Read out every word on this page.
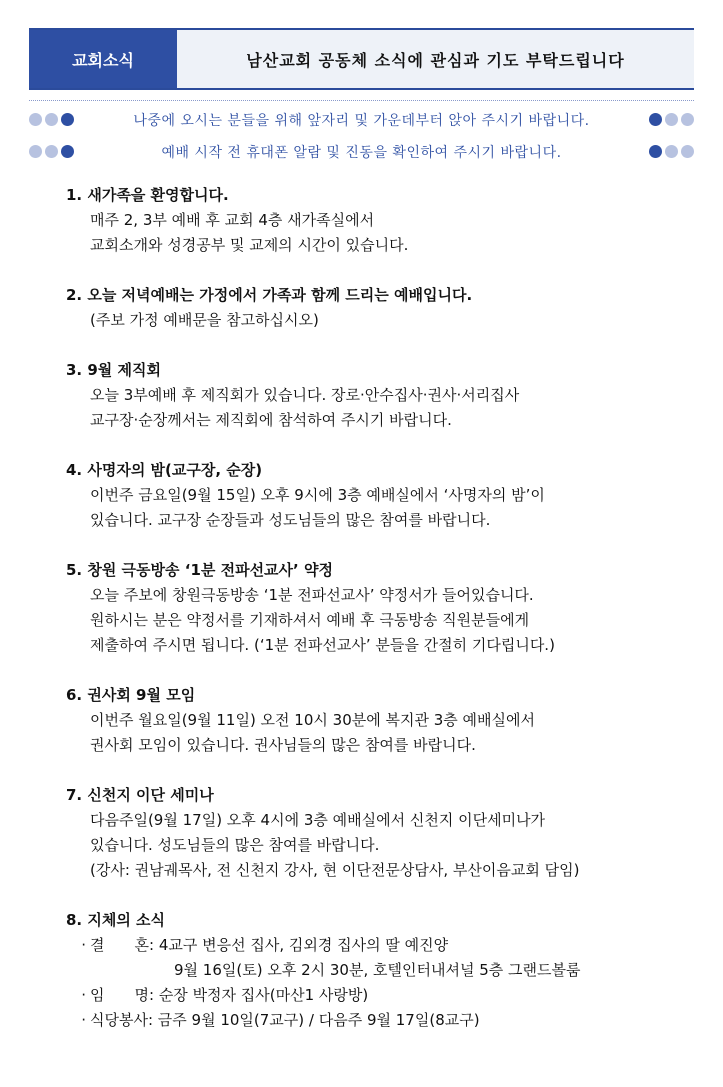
교회소식	남산교회 공동체 소식에 관심과 기도 부탁드립니다
나중에 오시는 분들을 위해 앞자리 및 가운데부터 앉아 주시기 바랍니다.
예배 시작 전 휴대폰 알람 및 진동을 확인하여 주시기 바랍니다.
1. 새가족을 환영합니다.
매주 2, 3부 예배 후 교회 4층 새가족실에서
교회소개와 성경공부 및 교제의 시간이 있습니다.
2. 오늘 저녁예배는 가정에서 가족과 함께 드리는 예배입니다.
(주보 가정 예배문을 참고하십시오)
3. 9월 제직회
오늘 3부예배 후 제직회가 있습니다. 장로·안수집사·권사·서리집사
교구장·순장께서는 제직회에 참석하여 주시기 바랍니다.
4. 사명자의 밤(교구장, 순장)
이번주 금요일(9월 15일) 오후 9시에 3층 예배실에서 ‘사명자의 밤’이
있습니다. 교구장 순장들과 성도님들의 많은 참여를 바랍니다.
5. 창원 극동방송 ‘1분 전파선교사’ 약정
오늘 주보에 창원극동방송 ‘1분 전파선교사’ 약정서가 들어있습니다.
원하시는 분은 약정서를 기재하셔서 예배 후 극동방송 직원분들에게
제출하여 주시면 됩니다. (‘1분 전파선교사’ 분들을 간절히 기다립니다.)
6. 권사회 9월 모임
이번주 월요일(9월 11일) 오전 10시 30분에 복지관 3층 예배실에서
권사회 모임이 있습니다. 권사님들의 많은 참여를 바랍니다.
7. 신천지 이단 세미나
다음주일(9월 17일) 오후 4시에 3층 예배실에서 신천지 이단세미나가
있습니다. 성도님들의 많은 참여를 바랍니다.
(강사: 권남궤목사, 전 신천지 강사, 현 이단전문상담사, 부산이음교회 담임)
8. 지체의 소식
· 결　　혼: 4교구 변응선 집사, 김외경 집사의 딸 예진양
9월 16일(토) 오후 2시 30분, 호텔인터내셔널 5층 그랜드볼룸
· 임　　명: 순장 박정자 집사(마산1 사랑방)
· 식당봉사: 금주 9월 10일(7교구) / 다음주 9월 17일(8교구)
